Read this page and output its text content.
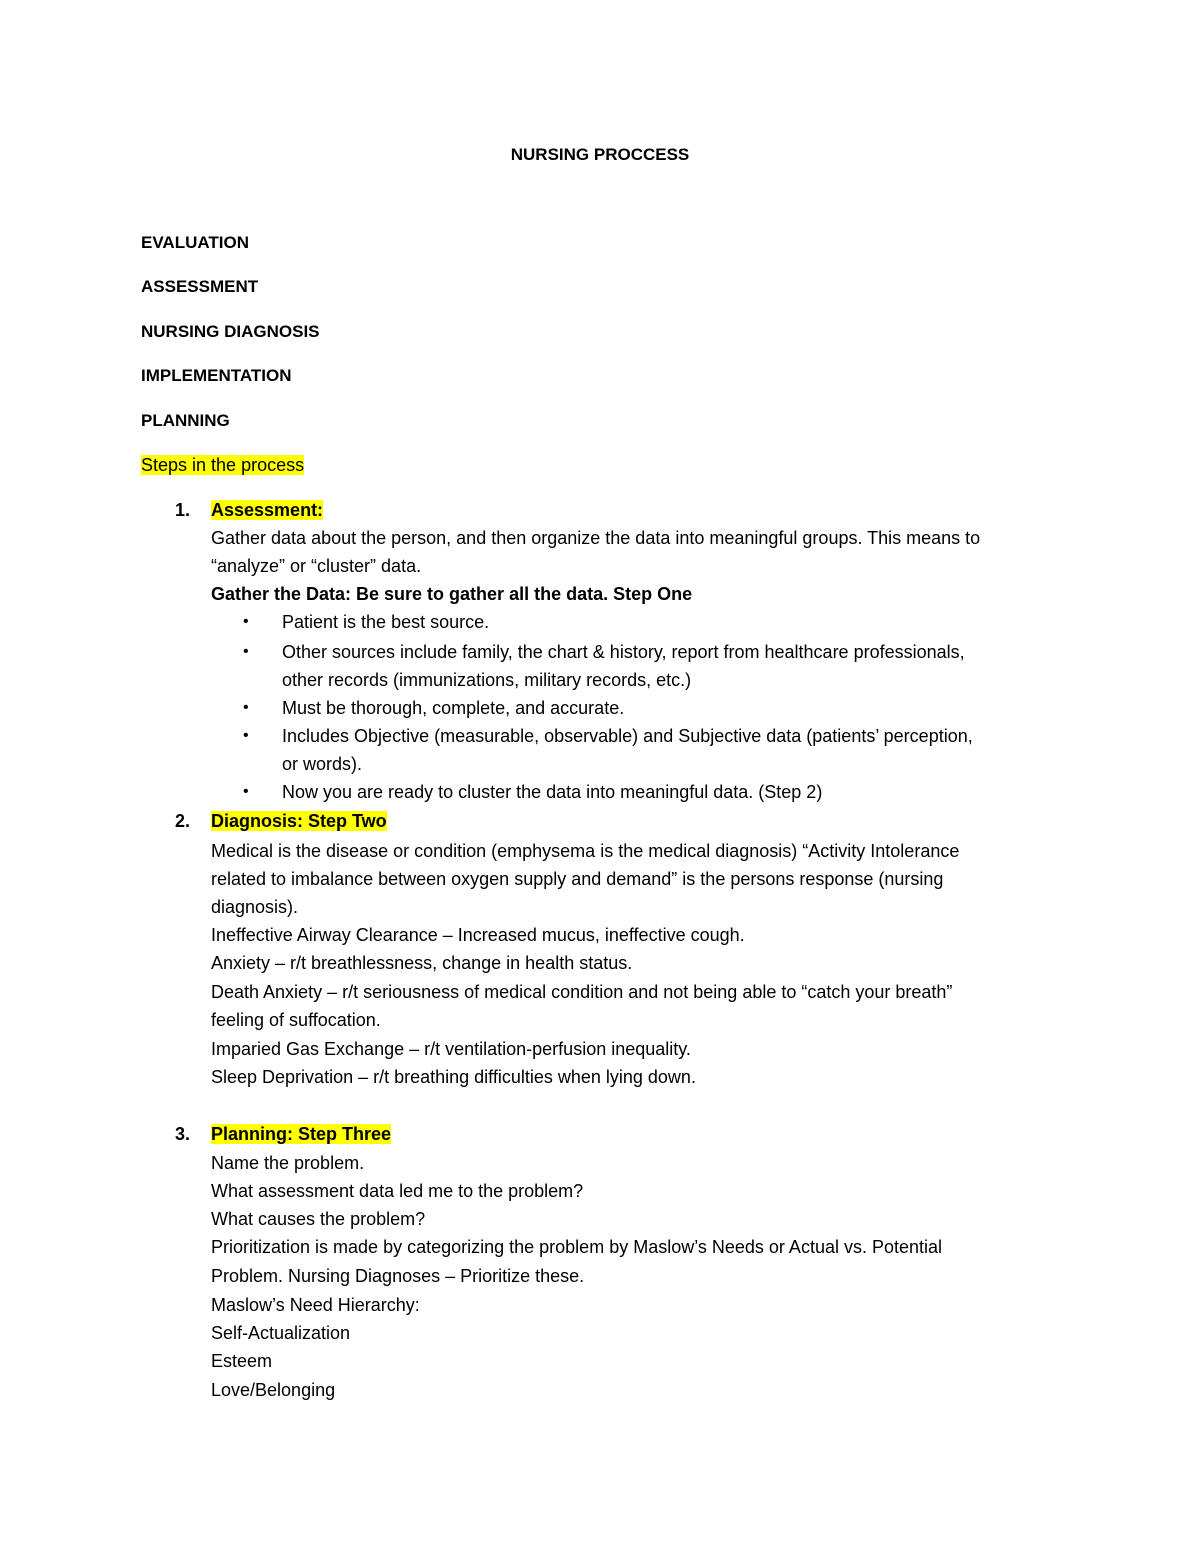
NURSING PROCCESS
EVALUATION
ASSESSMENT
NURSING DIAGNOSIS
IMPLEMENTATION
PLANNING
Steps in the process
1. Assessment:
Gather data about the person, and then organize the data into meaningful groups. This means to
“analyze” or “cluster” data.
Gather the Data: Be sure to gather all the data. Step One
• Patient is the best source.
• Other sources include family, the chart & history, report from healthcare professionals,
other records (immunizations, military records, etc.)
• Must be thorough, complete, and accurate.
• Includes Objective (measurable, observable) and Subjective data (patients’ perception,
or words).
• Now you are ready to cluster the data into meaningful data. (Step 2)
2. Diagnosis: Step Two
Medical is the disease or condition (emphysema is the medical diagnosis) “Activity Intolerance
related to imbalance between oxygen supply and demand” is the persons response (nursing
diagnosis).
Ineffective Airway Clearance – Increased mucus, ineffective cough.
Anxiety – r/t breathlessness, change in health status.
Death Anxiety – r/t seriousness of medical condition and not being able to “catch your breath”
feeling of suffocation.
Imparied Gas Exchange – r/t ventilation-perfusion inequality.
Sleep Deprivation – r/t breathing difficulties when lying down.
3. Planning: Step Three
Name the problem.
What assessment data led me to the problem?
What causes the problem?
Prioritization is made by categorizing the problem by Maslow’s Needs or Actual vs. Potential
Problem. Nursing Diagnoses – Prioritize these.
Maslow’s Need Hierarchy:
Self-Actualization
Esteem
Love/Belonging
